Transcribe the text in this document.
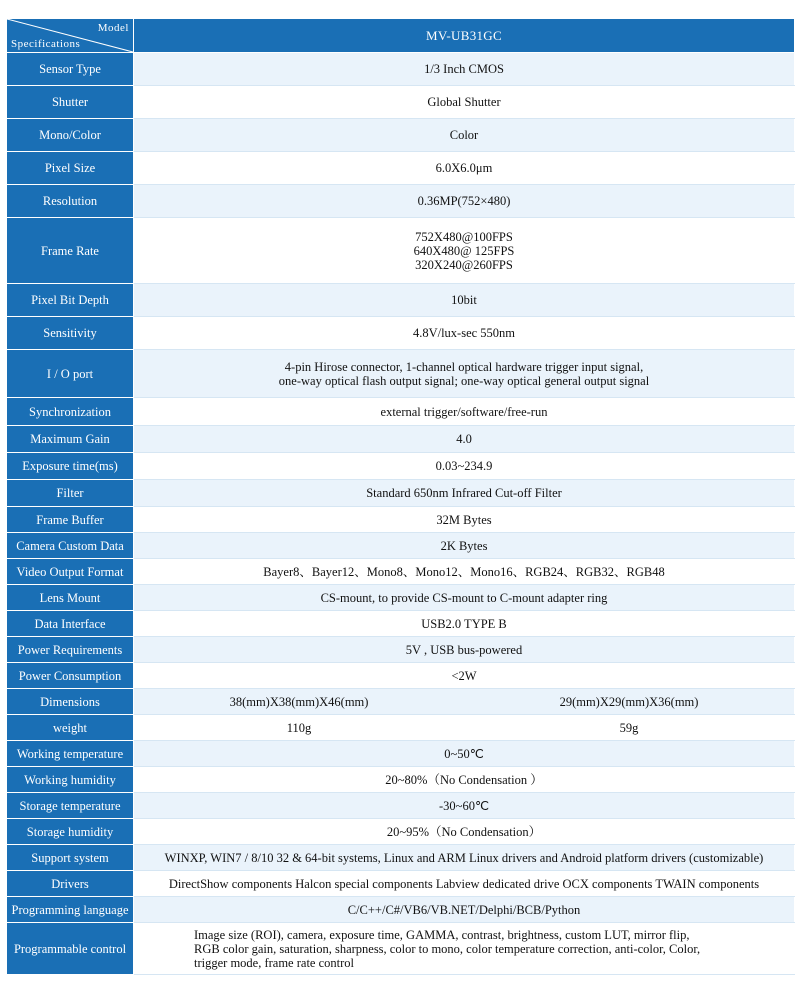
Model
Specifications	MV-UB31GC
Sensor Type	1/3 Inch CMOS
Shutter	Global Shutter
Mono/Color	Color
Pixel Size	6.0X6.0μm
Resolution	0.36MP(752×480)
Frame Rate	752X480@100FPS
640X480@ 125FPS
320X240@260FPS

Pixel Bit Depth	10bit
Sensitivity	4.8V/lux-sec 550nm
I / O port	4-pin Hirose connector, 1-channel optical hardware trigger input signal,
one-way optical flash output signal; one-way optical general output signal

Synchronization	external trigger/software/free-run
Maximum Gain	4.0
Exposure time(ms)	0.03~234.9
Filter	Standard 650nm Infrared Cut-off Filter
Frame Buffer	32M Bytes
Camera Custom Data	2K Bytes
Video Output Format	Bayer8、Bayer12、Mono8、Mono12、Mono16、RGB24、RGB32、RGB48
Lens Mount	CS-mount, to provide CS-mount to C-mount adapter ring
Data Interface	USB2.0 TYPE B
Power Requirements	5V , USB bus-powered
Power Consumption	<2W
Dimensions	38(mm)X38(mm)X46(mm) 29(mm)X29(mm)X36(mm)

weight	110g 59g

Working temperature	0~50℃
Working humidity	20~80%（No Condensation ）
Storage temperature	-30~60℃
Storage humidity	20~95%（No Condensation）
Support system	WINXP, WIN7 / 8/10 32 & 64-bit systems, Linux and ARM Linux drivers and Android platform drivers (customizable)
Drivers	DirectShow components Halcon special components Labview dedicated drive OCX components TWAIN components
Programming language	C/C++/C#/VB6/VB.NET/Delphi/BCB/Python
Programmable control	Image size (ROI), camera, exposure time, GAMMA, contrast, brightness, custom LUT, mirror flip,
RGB color gain, saturation, sharpness, color to mono, color temperature correction, anti-color, Color,
trigger mode, frame rate control
